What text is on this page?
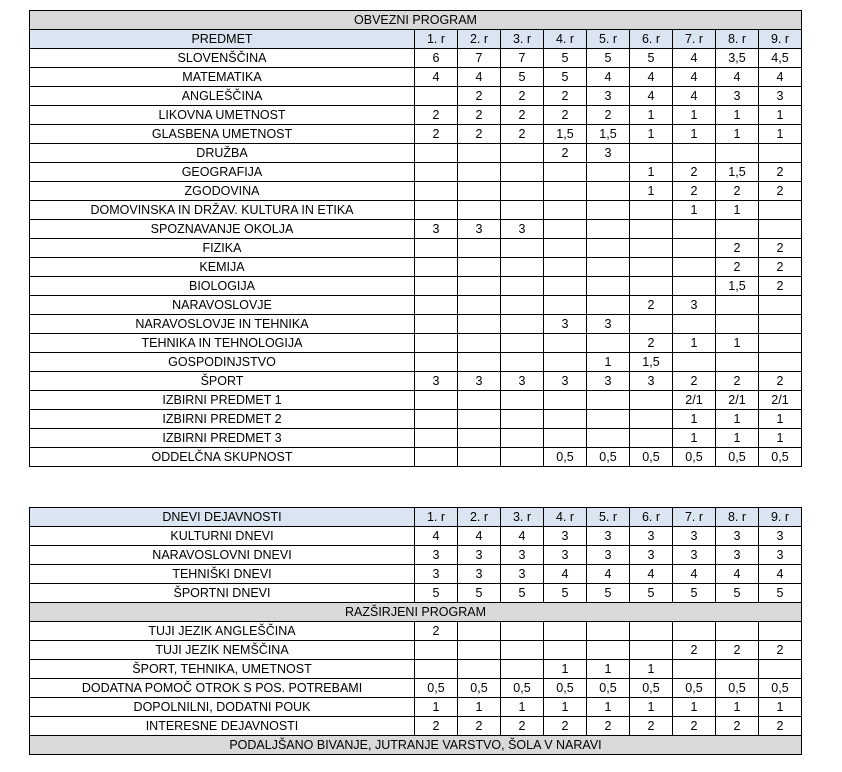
OBVEZNI PROGRAM									
PREDMET	1. r	2. r	3. r	4. r	5. r	6. r	7. r	8. r	9. r
SLOVENŠČINA	6	7	7	5	5	5	4	3,5	4,5
MATEMATIKA	4	4	5	5	4	4	4	4	4
ANGLEŠČINA		2	2	2	3	4	4	3	3
LIKOVNA UMETNOST	2	2	2	2	2	1	1	1	1
GLASBENA UMETNOST	2	2	2	1,5	1,5	1	1	1	1
DRUŽBA				2	3				
GEOGRAFIJA						1	2	1,5	2
ZGODOVINA						1	2	2	2
DOMOVINSKA IN DRŽAV. KULTURA IN ETIKA							1	1	
SPOZNAVANJE OKOLJA	3	3	3						
FIZIKA								2	2
KEMIJA								2	2
BIOLOGIJA								1,5	2
NARAVOSLOVJE						2	3		
NARAVOSLOVJE IN TEHNIKA				3	3				
TEHNIKA IN TEHNOLOGIJA						2	1	1	
GOSPODINJSTVO					1	1,5			
ŠPORT	3	3	3	3	3	3	2	2	2
IZBIRNI PREDMET 1							2/1	2/1	2/1
IZBIRNI PREDMET 2							1	1	1
IZBIRNI PREDMET 3							1	1	1
ODDELČNA SKUPNOST				0,5	0,5	0,5	0,5	0,5	0,5
DNEVI DEJAVNOSTI	1. r	2. r	3. r	4. r	5. r	6. r	7. r	8. r	9. r
KULTURNI DNEVI	4	4	4	3	3	3	3	3	3
NARAVOSLOVNI DNEVI	3	3	3	3	3	3	3	3	3
TEHNIŠKI DNEVI	3	3	3	4	4	4	4	4	4
ŠPORTNI DNEVI	5	5	5	5	5	5	5	5	5
RAZŠIRJENI PROGRAM									
TUJI JEZIK ANGLEŠČINA	2								
TUJI JEZIK NEMŠČINA							2	2	2
ŠPORT, TEHNIKA, UMETNOST				1	1	1			
DODATNA POMOČ OTROK S POS. POTREBAMI	0,5	0,5	0,5	0,5	0,5	0,5	0,5	0,5	0,5
DOPOLNILNI, DODATNI POUK	1	1	1	1	1	1	1	1	1
INTERESNE DEJAVNOSTI	2	2	2	2	2	2	2	2	2
PODALJŠANO BIVANJE, JUTRANJE VARSTVO, ŠOLA V NARAVI									
